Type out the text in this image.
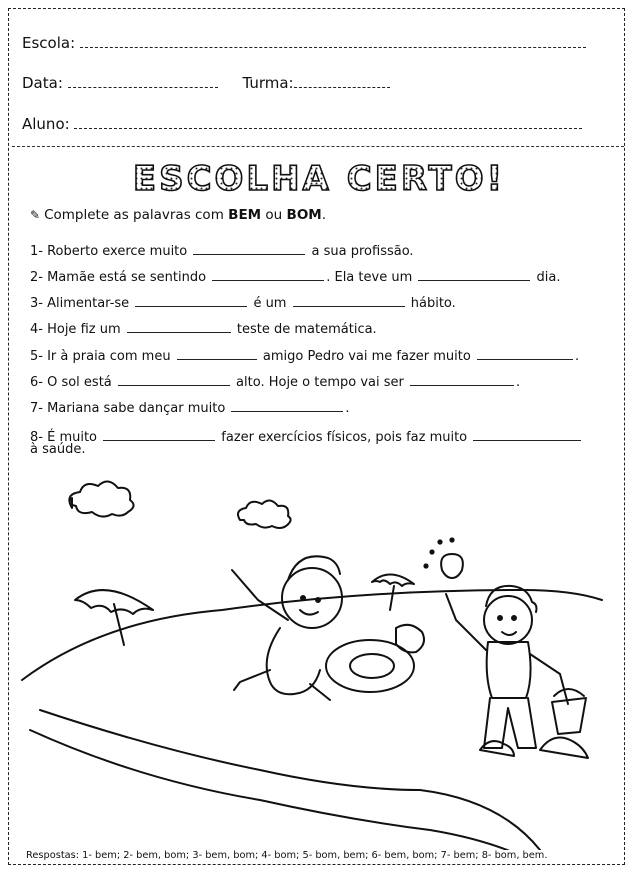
Escola:
Data:	Turma:
Aluno:
ESCOLHA CERTO!
✎ Complete as palavras com BEM ou BOM.
1- Roberto exerce muito	a sua profissão.
2- Mamãe está se sentindo	. Ela teve um	dia.
3- Alimentar-se	é um	hábito.
4- Hoje fiz um	teste de matemática.
5- Ir à praia com meu	amigo Pedro vai me fazer muito	.
6- O sol está	alto. Hoje o tempo vai ser	.
7- Mariana sabe dançar muito	.
8- É muito	fazer exercícios físicos, pois faz muito
à saúde.
Respostas: 1- bem; 2- bem, bom; 3- bem, bom; 4- bom; 5- bom, bem; 6- bem, bom; 7- bem; 8- bom, bem.
